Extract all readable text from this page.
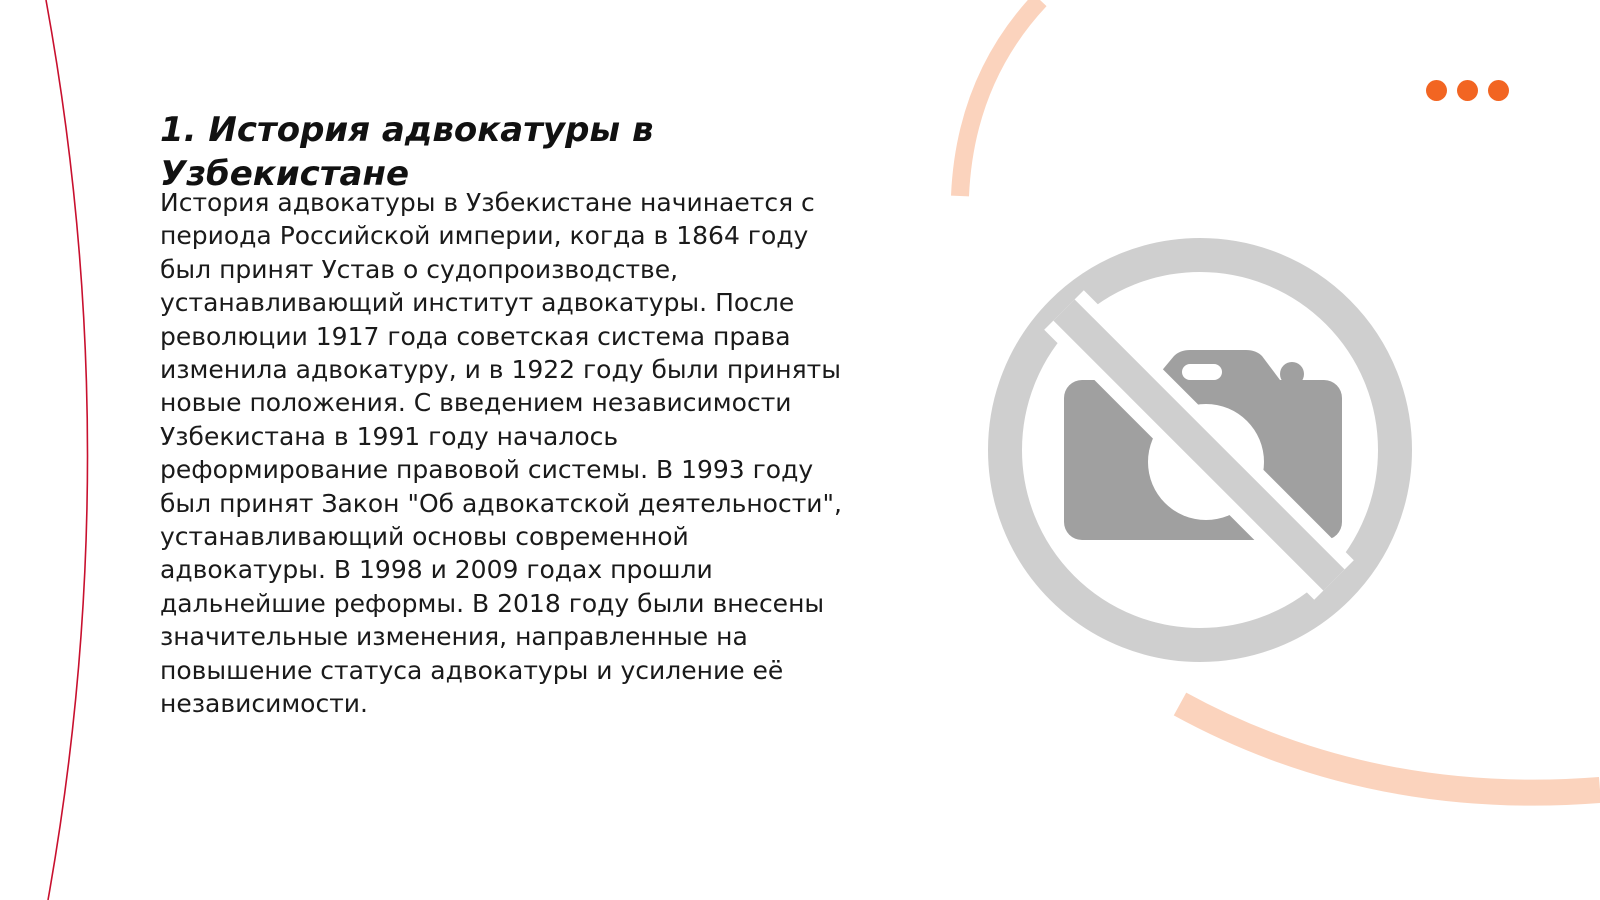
1. История адвокатуры в Узбекистане

История адвокатуры в Узбекистане начинается с периода Российской империи, когда в 1864 году был принят Устав о судопроизводстве, устанавливающий институт адвокатуры. После революции 1917 года советская система права изменила адвокатуру, и в 1922 году были приняты новые положения. С введением независимости Узбекистана в 1991 году началось реформирование правовой системы. В 1993 году был принят Закон "Об адвокатской деятельности", устанавливающий основы современной адвокатуры. В 1998 и 2009 годах прошли дальнейшие реформы. В 2018 году были внесены значительные изменения, направленные на повышение статуса адвокатуры и усиление её независимости.
